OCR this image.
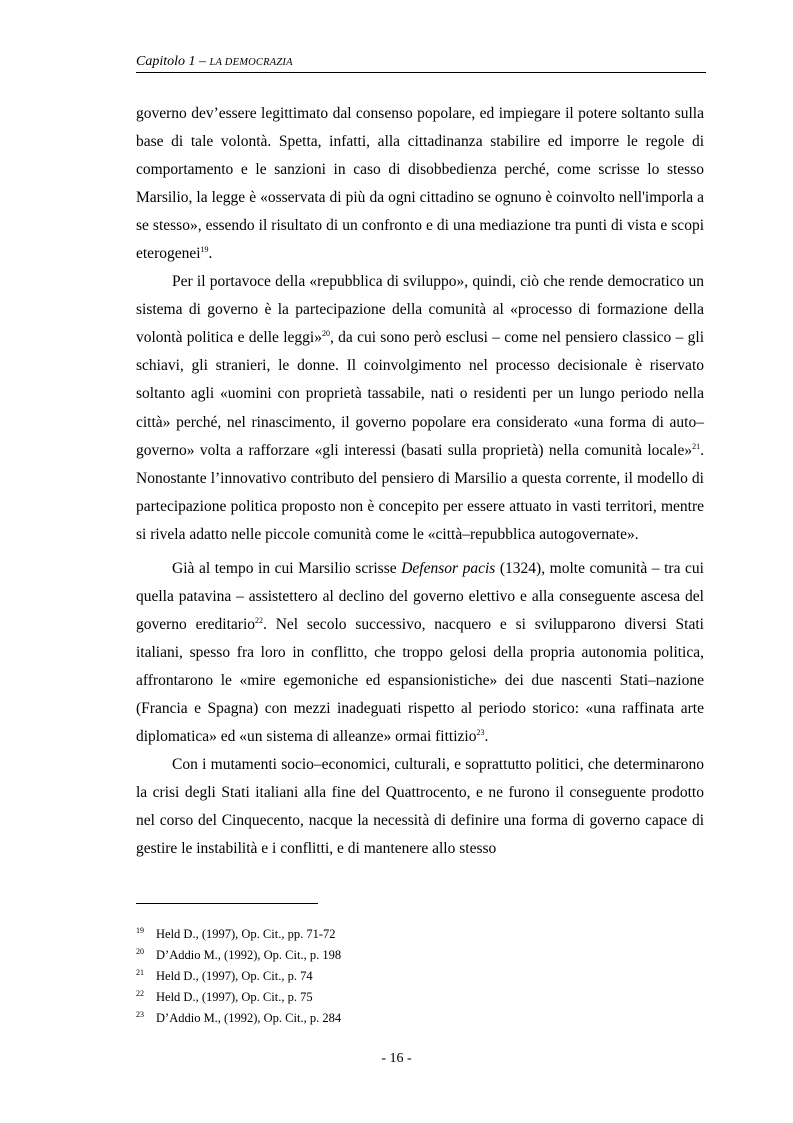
Capitolo 1 – LA DEMOCRAZIA

governo dev’essere legittimato dal consenso popolare, ed impiegare il potere soltanto sulla base di tale volontà. Spetta, infatti, alla cittadinanza stabilire ed imporre le regole di comportamento e le sanzioni in caso di disobbedienza perché, come scrisse lo stesso Marsilio, la legge è «osservata di più da ogni cittadino se ognuno è coinvolto nell'imporla a se stesso», essendo il risultato di un confronto e di una mediazione tra punti di vista e scopi eterogenei$^{19}$.

Per il portavoce della «repubblica di sviluppo», quindi, ciò che rende democratico un sistema di governo è la partecipazione della comunità al «processo di formazione della volontà politica e delle leggi»$^{20}$, da cui sono però esclusi – come nel pensiero classico – gli schiavi, gli stranieri, le donne. Il coinvolgimento nel processo decisionale è riservato soltanto agli «uomini con proprietà tassabile, nati o residenti per un lungo periodo nella città» perché, nel rinascimento, il governo popolare era considerato «una forma di auto–governo» volta a rafforzare «gli interessi (basati sulla proprietà) nella comunità locale»$^{21}$. Nonostante l’innovativo contributo del pensiero di Marsilio a questa corrente, il modello di partecipazione politica proposto non è concepito per essere attuato in vasti territori, mentre si rivela adatto nelle piccole comunità come le «città–repubblica autogovernate».

Già al tempo in cui Marsilio scrisse Defensor pacis (1324), molte comunità – tra cui quella patavina – assistettero al declino del governo elettivo e alla conseguente ascesa del governo ereditario$^{22}$. Nel secolo successivo, nacquero e si svilupparono diversi Stati italiani, spesso fra loro in conflitto, che troppo gelosi della propria autonomia politica, affrontarono le «mire egemoniche ed espansionistiche» dei due nascenti Stati–nazione (Francia e Spagna) con mezzi inadeguati rispetto al periodo storico: «una raffinata arte diplomatica» ed «un sistema di alleanze» ormai fittizio$^{23}$.

Con i mutamenti socio–economici, culturali, e soprattutto politici, che determinarono la crisi degli Stati italiani alla fine del Quattrocento, e ne furono il conseguente prodotto nel corso del Cinquecento, nacque la necessità di definire una forma di governo capace di gestire le instabilità e i conflitti, e di mantenere allo stesso

19 Held D., (1997), Op. Cit., pp. 71-72
20 D’Addio M., (1992), Op. Cit., p. 198
21 Held D., (1997), Op. Cit., p. 74
22 Held D., (1997), Op. Cit., p. 75
23 D’Addio M., (1992), Op. Cit., p. 284
- 16 -
